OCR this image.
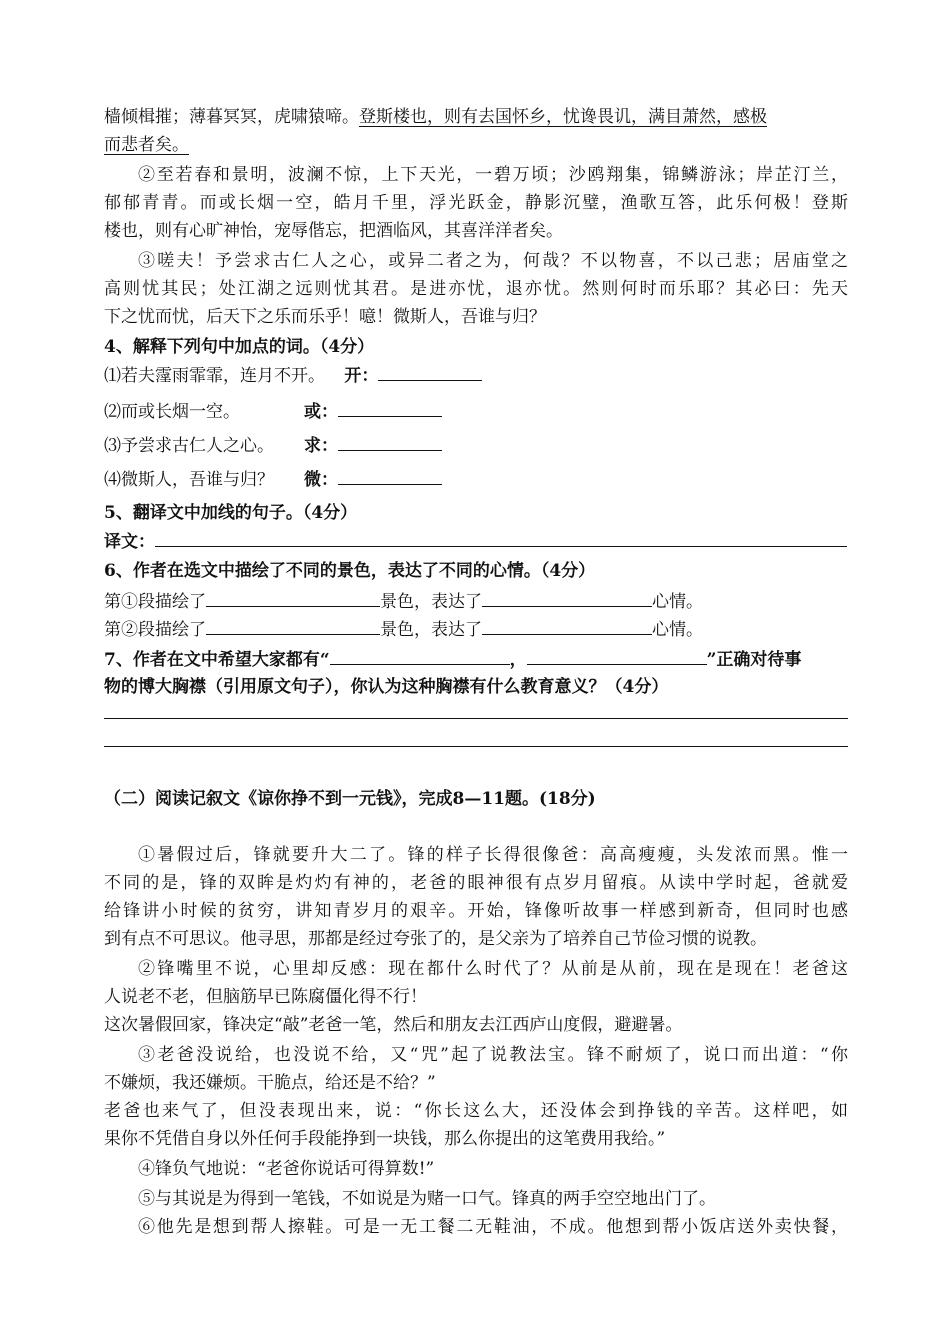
樯倾楫摧；薄暮冥冥，虎啸猿啼。登斯楼也，则有去国怀乡，忧谗畏讥，满目萧然，感极
而悲者矣。
②至若春和景明，波澜不惊，上下天光，一碧万顷；沙鸥翔集，锦鳞游泳；岸芷汀兰，
郁郁青青。而或长烟一空，皓月千里，浮光跃金，静影沉璧，渔歌互答，此乐何极！登斯
楼也，则有心旷神怡，宠辱偕忘，把酒临风，其喜洋洋者矣。
③嗟夫！予尝求古仁人之心，或异二者之为，何哉？不以物喜，不以己悲；居庙堂之
高则忧其民；处江湖之远则忧其君。是进亦忧，退亦忧。然则何时而乐耶？其必曰：先天
下之忧而忧，后天下之乐而乐乎！噫！微斯人，吾谁与归？
4、解释下列句中加点的词。（4分）
⑴若夫霪雨霏霏，连月不开。 开：
⑵而或长烟一空。	或：
⑶予尝求古仁人之心。 求：
⑷微斯人，吾谁与归？ 微：
5、翻译文中加线的句子。（4分）
译文：
6、作者在选文中描绘了不同的景色，表达了不同的心情。（4分）
第①段描绘了	景色，表达了	心情。
第②段描绘了	景色，表达了	心情。
7、作者在文中希望大家都有“	，	”正确对待事
物的博大胸襟（引用原文句子），你认为这种胸襟有什么教育意义？（4分）
（二）阅读记叙文《谅你挣不到一元钱》，完成8—11题。(18分)
①暑假过后，锋就要升大二了。锋的样子长得很像爸：高高瘦瘦，头发浓而黑。惟一
不同的是，锋的双眸是灼灼有神的，老爸的眼神很有点岁月留痕。从读中学时起，爸就爱
给锋讲小时候的贫穷，讲知青岁月的艰辛。开始，锋像听故事一样感到新奇，但同时也感
到有点不可思议。他寻思，那都是经过夸张了的，是父亲为了培养自己节俭习惯的说教。
②锋嘴里不说，心里却反感：现在都什么时代了？从前是从前，现在是现在！老爸这
人说老不老，但脑筋早已陈腐僵化得不行！
这次暑假回家，锋决定“敲”老爸一笔，然后和朋友去江西庐山度假，避避暑。
③老爸没说给，也没说不给，又“咒”起了说教法宝。锋不耐烦了，说口而出道：“你
不嫌烦，我还嫌烦。干脆点，给还是不给？”
老爸也来气了，但没表现出来，说：“你长这么大，还没体会到挣钱的辛苦。这样吧，如
果你不凭借自身以外任何手段能挣到一块钱，那么你提出的这笔费用我给。”
④锋负气地说：“老爸你说话可得算数!”
⑤与其说是为得到一笔钱，不如说是为赌一口气。锋真的两手空空地出门了。
⑥他先是想到帮人擦鞋。可是一无工餐二无鞋油，不成。他想到帮小饭店送外卖快餐，
